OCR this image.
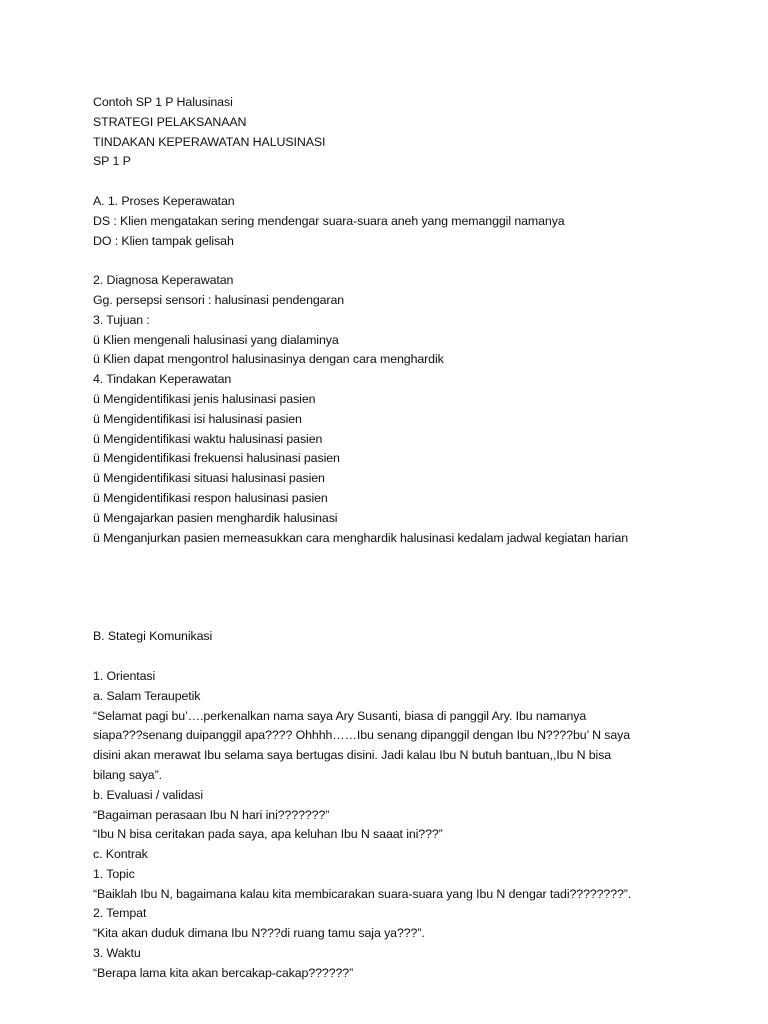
Contoh SP 1 P Halusinasi
STRATEGI PELAKSANAAN
TINDAKAN KEPERAWATAN HALUSINASI
SP 1 P
A. 1. Proses Keperawatan
DS : Klien mengatakan sering mendengar suara-suara aneh yang memanggil namanya
DO : Klien tampak gelisah
2. Diagnosa Keperawatan
Gg. persepsi sensori : halusinasi pendengaran
3. Tujuan :
ü Klien mengenali halusinasi yang dialaminya
ü Klien dapat mengontrol halusinasinya dengan cara menghardik
4. Tindakan Keperawatan
ü Mengidentifikasi jenis halusinasi pasien
ü Mengidentifikasi isi halusinasi pasien
ü Mengidentifikasi waktu halusinasi pasien
ü Mengidentifikasi frekuensi halusinasi pasien
ü Mengidentifikasi situasi halusinasi pasien
ü Mengidentifikasi respon halusinasi pasien
ü Mengajarkan pasien menghardik halusinasi
ü Menganjurkan pasien memeasukkan cara menghardik halusinasi kedalam jadwal kegiatan harian
B. Stategi Komunikasi
1. Orientasi
a. Salam Teraupetik
“Selamat pagi bu’….perkenalkan nama saya Ary Susanti, biasa di panggil Ary. Ibu namanya
siapa???senang duipanggil apa???? Ohhhh……Ibu senang dipanggil dengan Ibu N????bu’ N saya
disini akan merawat Ibu selama saya bertugas disini. Jadi kalau Ibu N butuh bantuan,,Ibu N bisa
bilang saya”.
b. Evaluasi / validasi
“Bagaiman perasaan Ibu N hari ini???????”
“Ibu N bisa ceritakan pada saya, apa keluhan Ibu N saaat ini???”
c. Kontrak
1. Topic
“Baiklah Ibu N, bagaimana kalau kita membicarakan suara-suara yang Ibu N dengar tadi????????”.
2. Tempat
“Kita akan duduk dimana Ibu N???di ruang tamu saja ya???”.
3. Waktu
“Berapa lama kita akan bercakap-cakap??????”
